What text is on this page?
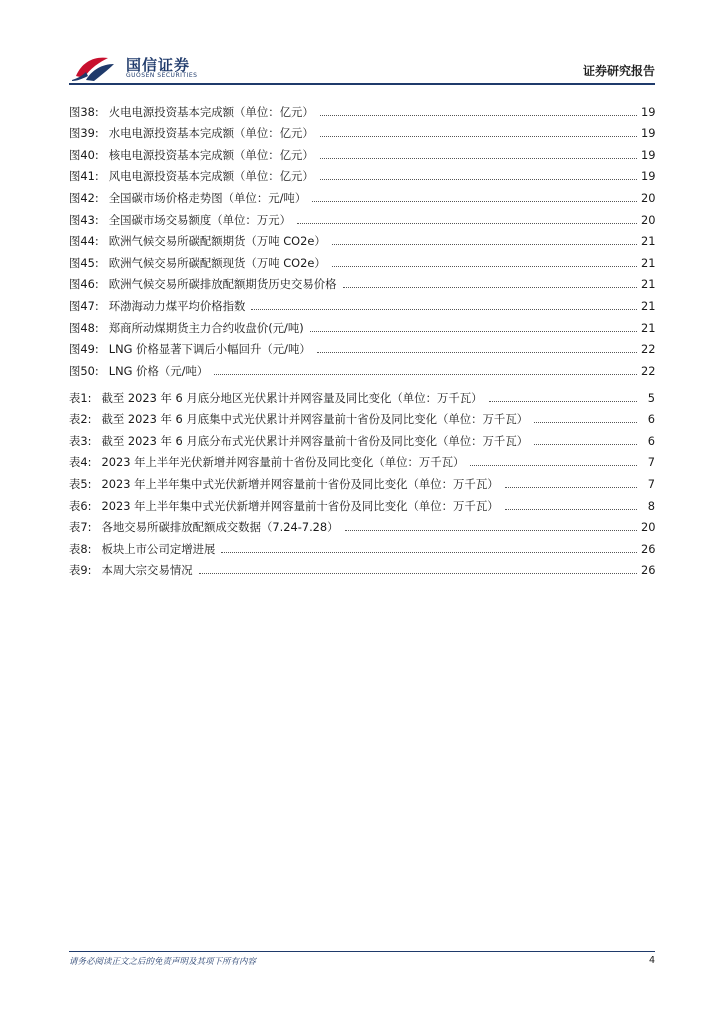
国信证券
GUOSEN SECURITIES	证券研究报告
图38: 火电电源投资基本完成额（单位：亿元）	19
图39: 水电电源投资基本完成额（单位：亿元）	19
图40: 核电电源投资基本完成额（单位：亿元）	19
图41: 风电电源投资基本完成额（单位：亿元）	19
图42: 全国碳市场价格走势图（单位：元/吨）	20
图43: 全国碳市场交易额度（单位：万元）	20
图44: 欧洲气候交易所碳配额期货（万吨 CO2e）	21
图45: 欧洲气候交易所碳配额现货（万吨 CO2e）	21
图46: 欧洲气候交易所碳排放配额期货历史交易价格	21
图47: 环渤海动力煤平均价格指数	21
图48: 郑商所动煤期货主力合约收盘价(元/吨)	21
图49: LNG 价格显著下调后小幅回升（元/吨）	22
图50: LNG 价格（元/吨）	22
表1: 截至 2023 年 6 月底分地区光伏累计并网容量及同比变化（单位：万千瓦）	5
表2: 截至 2023 年 6 月底集中式光伏累计并网容量前十省份及同比变化（单位：万千瓦）	6
表3: 截至 2023 年 6 月底分布式光伏累计并网容量前十省份及同比变化（单位：万千瓦）	6
表4: 2023 年上半年光伏新增并网容量前十省份及同比变化（单位：万千瓦）	7
表5: 2023 年上半年集中式光伏新增并网容量前十省份及同比变化（单位：万千瓦）	7
表6: 2023 年上半年集中式光伏新增并网容量前十省份及同比变化（单位：万千瓦）	8
表7: 各地交易所碳排放配额成交数据（7.24-7.28）	20
表8: 板块上市公司定增进展	26
表9: 本周大宗交易情况	26
请务必阅读正文之后的免责声明及其项下所有内容	4
